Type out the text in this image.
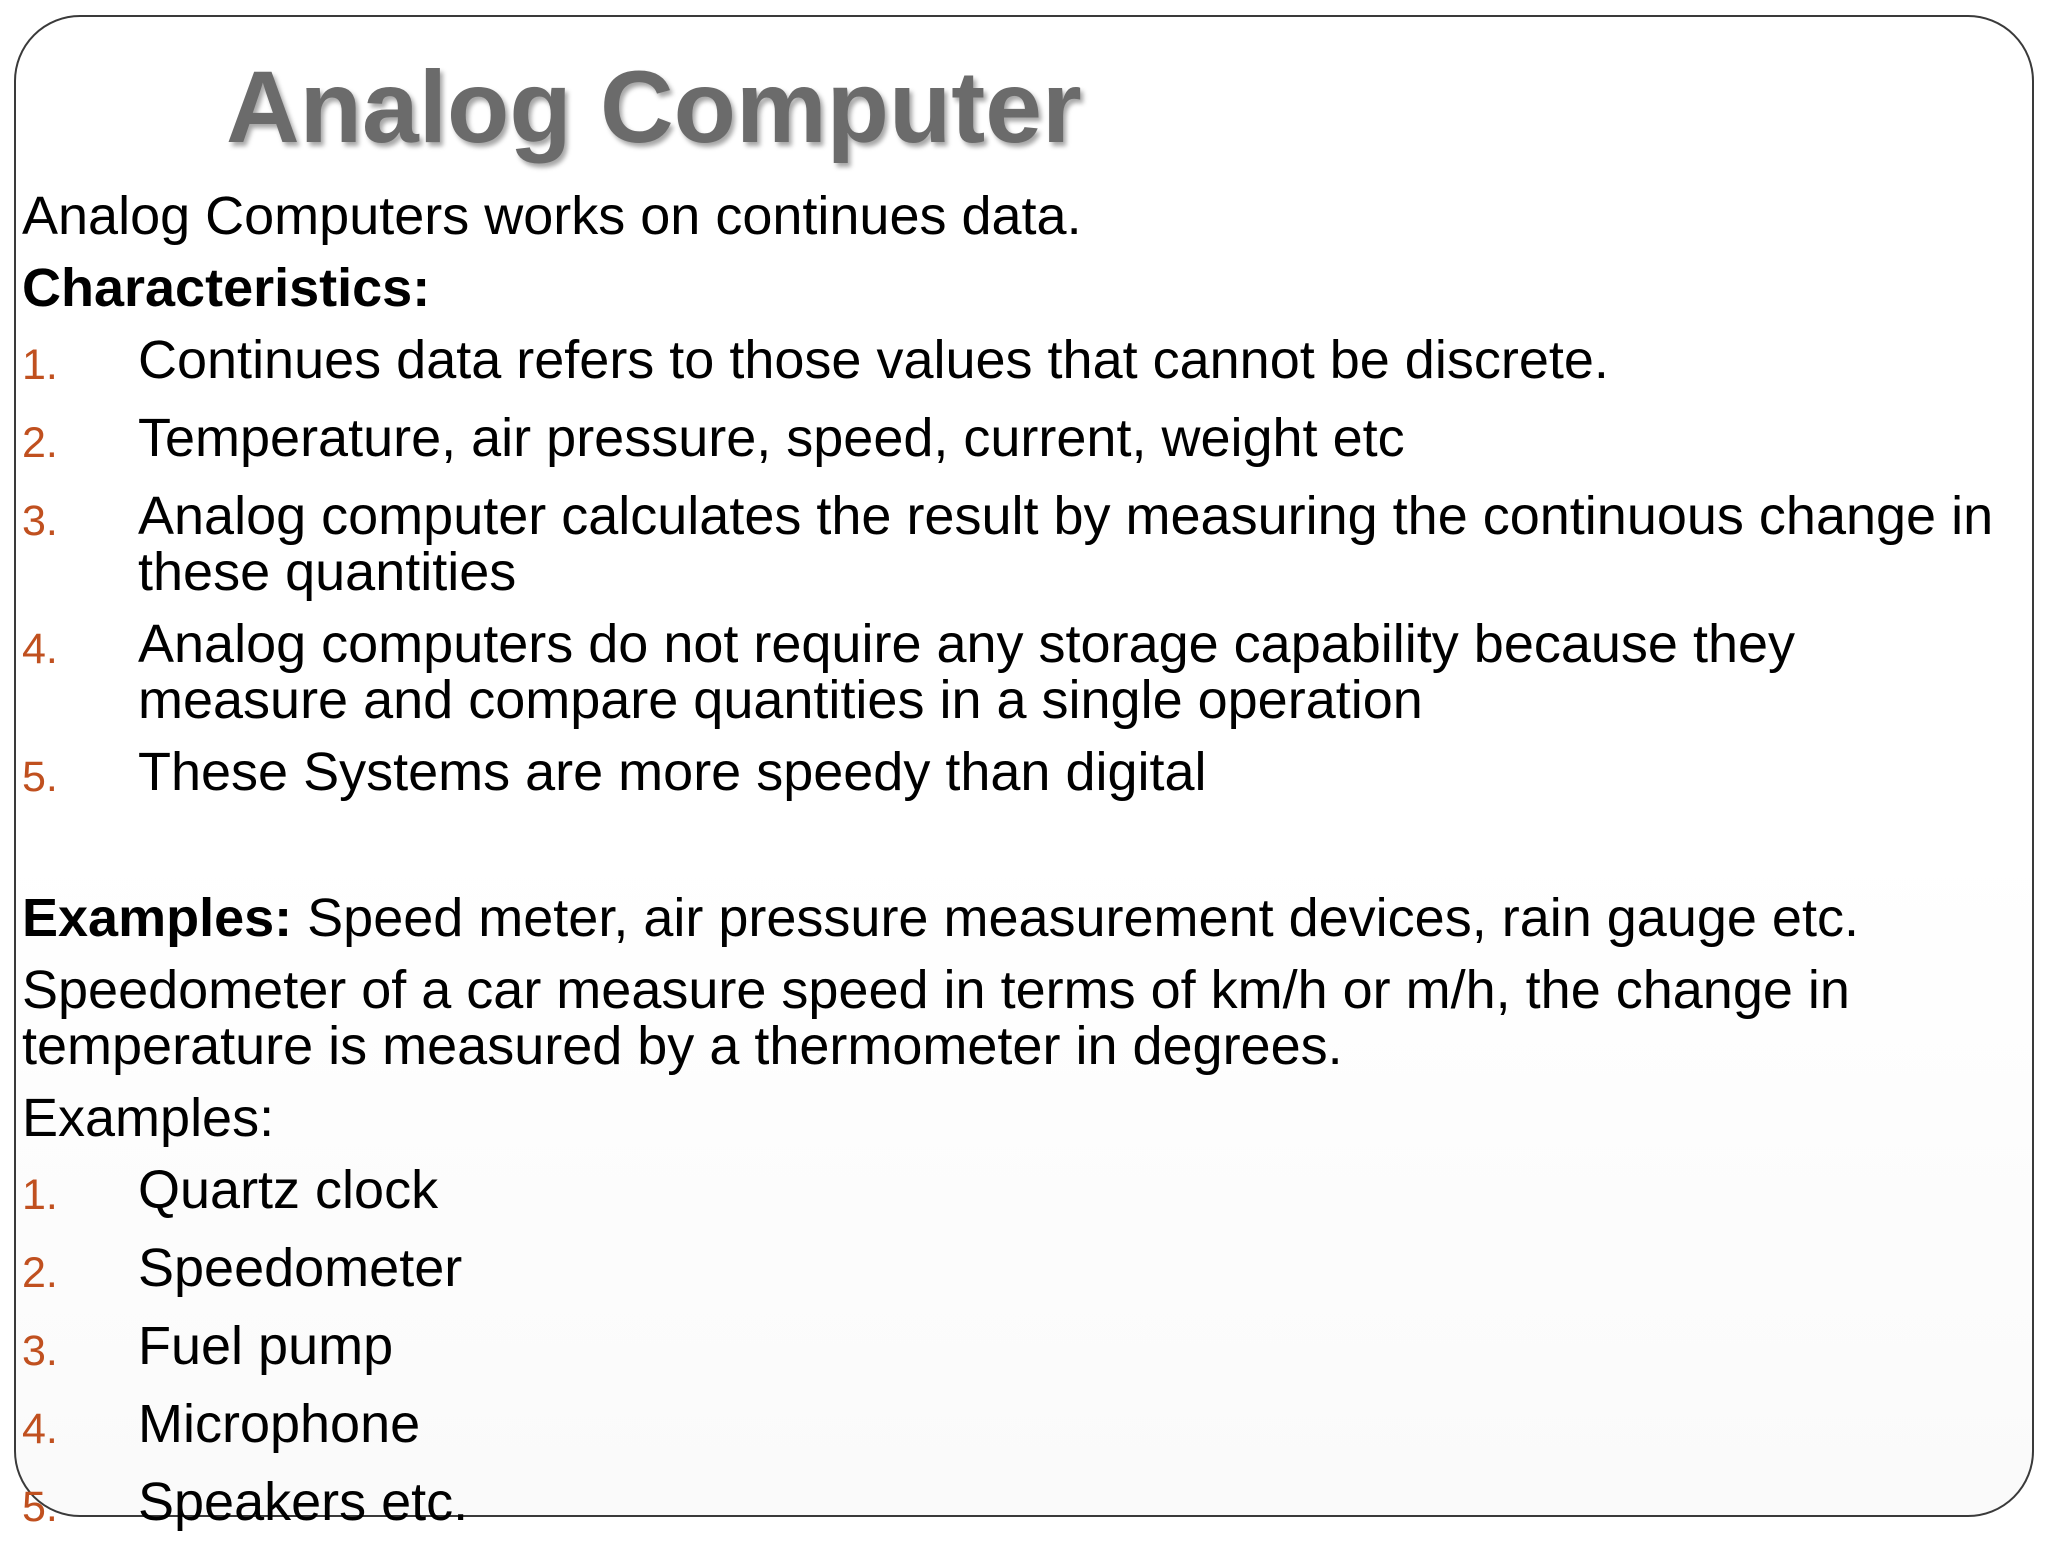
Analog Computer
Analog Computers works on continues data.
Characteristics:
1.	Continues data refers to those values that cannot be discrete.
2.	Temperature, air pressure, speed, current, weight etc
3.	Analog computer calculates the result by measuring the continuous change in these quantities
4.	Analog computers do not require any storage capability because they measure and compare quantities in a single operation
5.	These Systems are more speedy than digital
Examples: Speed meter, air pressure measurement devices, rain gauge etc.
Speedometer of a car measure speed in terms of km/h or m/h, the change in temperature is measured by a thermometer in degrees.
Examples:
1.	Quartz clock
2.	Speedometer
3.	Fuel pump
4.	Microphone
5.	Speakers etc.
